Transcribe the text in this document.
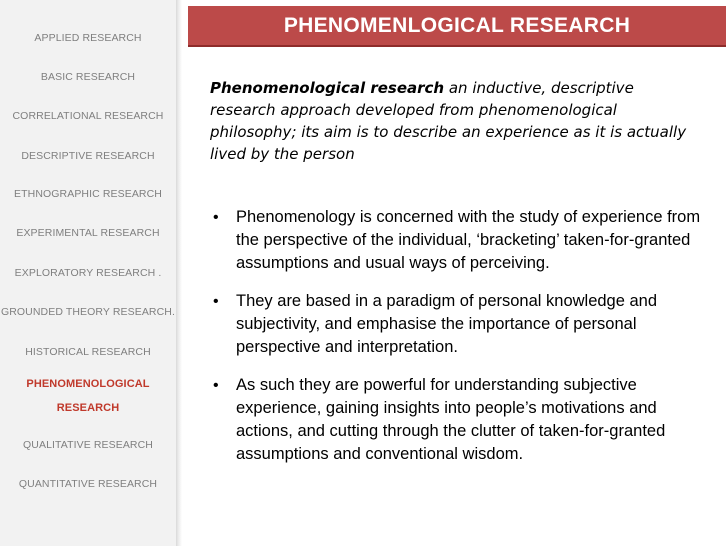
APPLIED RESEARCH
BASIC RESEARCH
CORRELATIONAL RESEARCH
DESCRIPTIVE RESEARCH
ETHNOGRAPHIC RESEARCH
EXPERIMENTAL RESEARCH
EXPLORATORY RESEARCH .
GROUNDED THEORY RESEARCH.
HISTORICAL RESEARCH
PHENOMENOLOGICAL
RESEARCH
QUALITATIVE RESEARCH
QUANTITATIVE RESEARCH
PHENOMENLOGICAL RESEARCH

Phenomenological research an inductive, descriptive research approach developed from phenomenological philosophy; its aim is to describe an experience as it is actually lived by the person

• Phenomenology is concerned with the study of experience from the perspective of the individual, ‘bracketing’ taken-for-granted assumptions and usual ways of perceiving.
• They are based in a paradigm of personal knowledge and subjectivity, and emphasise the importance of personal perspective and interpretation.
• As such they are powerful for understanding subjective experience, gaining insights into people’s motivations and actions, and cutting through the clutter of taken-for-granted assumptions and conventional wisdom.
